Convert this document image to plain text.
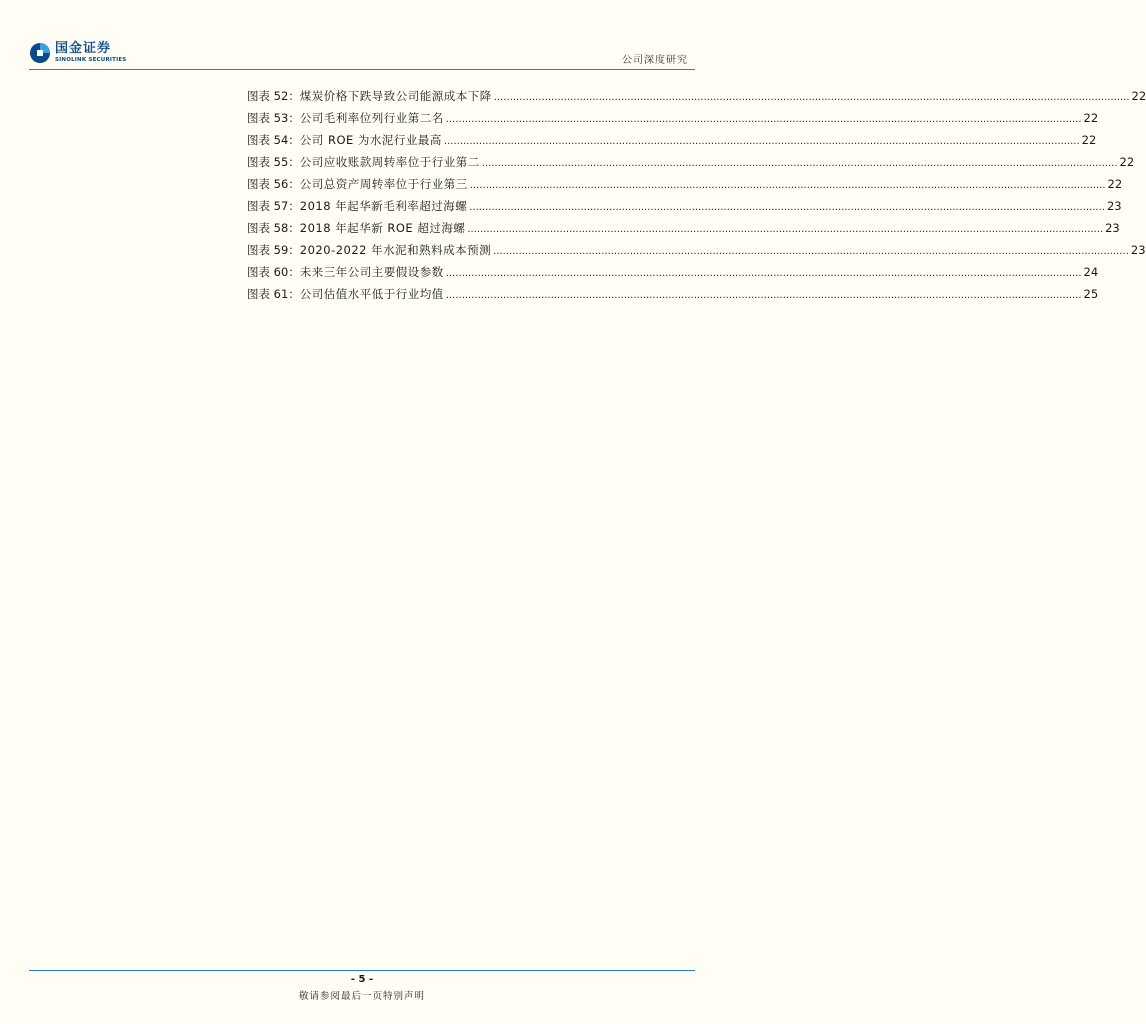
国金证券
SINOLINK SECURITIES	公司深度研究
图表 52： 煤炭价格下跌导致公司能源成本下降 ........................................................................................................................................................................................................ 22
图表 53： 公司毛利率位列行业第二名 ........................................................................................................................................................................................................ 22
图表 54： 公司 ROE 为水泥行业最高 ........................................................................................................................................................................................................ 22
图表 55： 公司应收账款周转率位于行业第二 ........................................................................................................................................................................................................ 22
图表 56： 公司总资产周转率位于行业第三 ........................................................................................................................................................................................................ 22
图表 57： 2018 年起华新毛利率超过海螺 ........................................................................................................................................................................................................ 23
图表 58： 2018 年起华新 ROE 超过海螺 ........................................................................................................................................................................................................ 23
图表 59： 2020-2022 年水泥和熟料成本预测 ........................................................................................................................................................................................................ 23
图表 60： 未来三年公司主要假设参数 ........................................................................................................................................................................................................ 24
图表 61： 公司估值水平低于行业均值 ........................................................................................................................................................................................................ 25
- 5 -
敬请参阅最后一页特别声明
